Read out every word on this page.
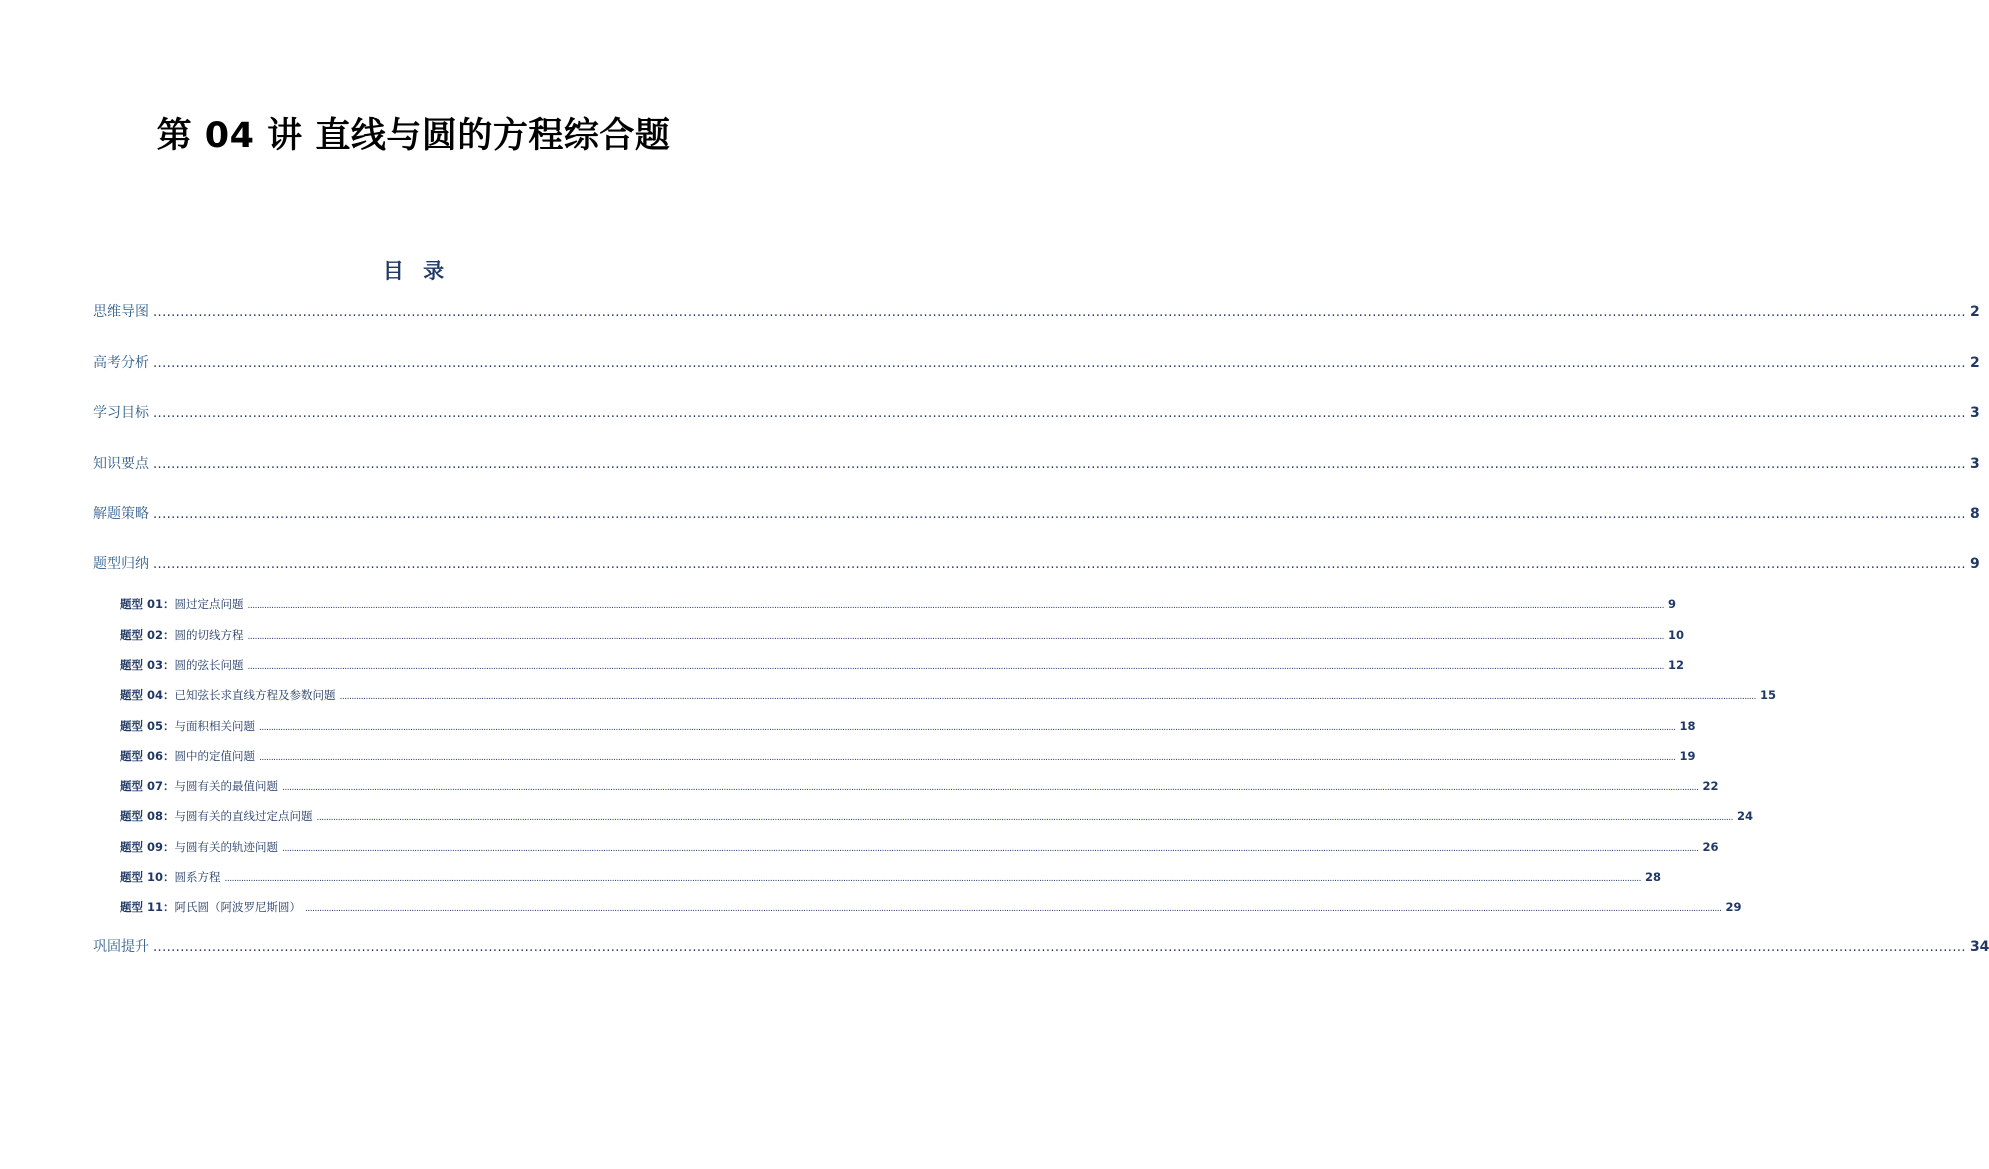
第 04 讲 直线与圆的方程综合题
目 录
思维导图 ................................................................................................................................................................................................................................................................................................................................................................................................................ 2
高考分析 ................................................................................................................................................................................................................................................................................................................................................................................................................ 2
学习目标 ................................................................................................................................................................................................................................................................................................................................................................................................................ 3
知识要点 ................................................................................................................................................................................................................................................................................................................................................................................................................ 3
解题策略 ................................................................................................................................................................................................................................................................................................................................................................................................................ 8
题型归纳 ................................................................................................................................................................................................................................................................................................................................................................................................................ 9
题型 01：圆过定点问题 ........................................................................................................................................................................................................................................................................................................................................................................................................................................................................................................................................................................................................................ 9
题型 02：圆的切线方程 ........................................................................................................................................................................................................................................................................................................................................................................................................................................................................................................................................................................................................................ 10
题型 03：圆的弦长问题 ........................................................................................................................................................................................................................................................................................................................................................................................................................................................................................................................................................................................................................ 12
题型 04：已知弦长求直线方程及参数问题 ........................................................................................................................................................................................................................................................................................................................................................................................................................................................................................................................................................................................................................ 15
题型 05：与面积相关问题 ........................................................................................................................................................................................................................................................................................................................................................................................................................................................................................................................................................................................................................ 18
题型 06：圆中的定值问题 ........................................................................................................................................................................................................................................................................................................................................................................................................................................................................................................................................................................................................................ 19
题型 07：与圆有关的最值问题 ........................................................................................................................................................................................................................................................................................................................................................................................................................................................................................................................................................................................................................ 22
题型 08：与圆有关的直线过定点问题 ........................................................................................................................................................................................................................................................................................................................................................................................................................................................................................................................................................................................................................ 24
题型 09：与圆有关的轨迹问题 ........................................................................................................................................................................................................................................................................................................................................................................................................................................................................................................................................................................................................................ 26
题型 10：圆系方程 ........................................................................................................................................................................................................................................................................................................................................................................................................................................................................................................................................................................................................................ 28
题型 11：阿氏圆（阿波罗尼斯圆） ........................................................................................................................................................................................................................................................................................................................................................................................................................................................................................................................................................................................................................ 29
巩固提升 ................................................................................................................................................................................................................................................................................................................................................................................................................ 34
